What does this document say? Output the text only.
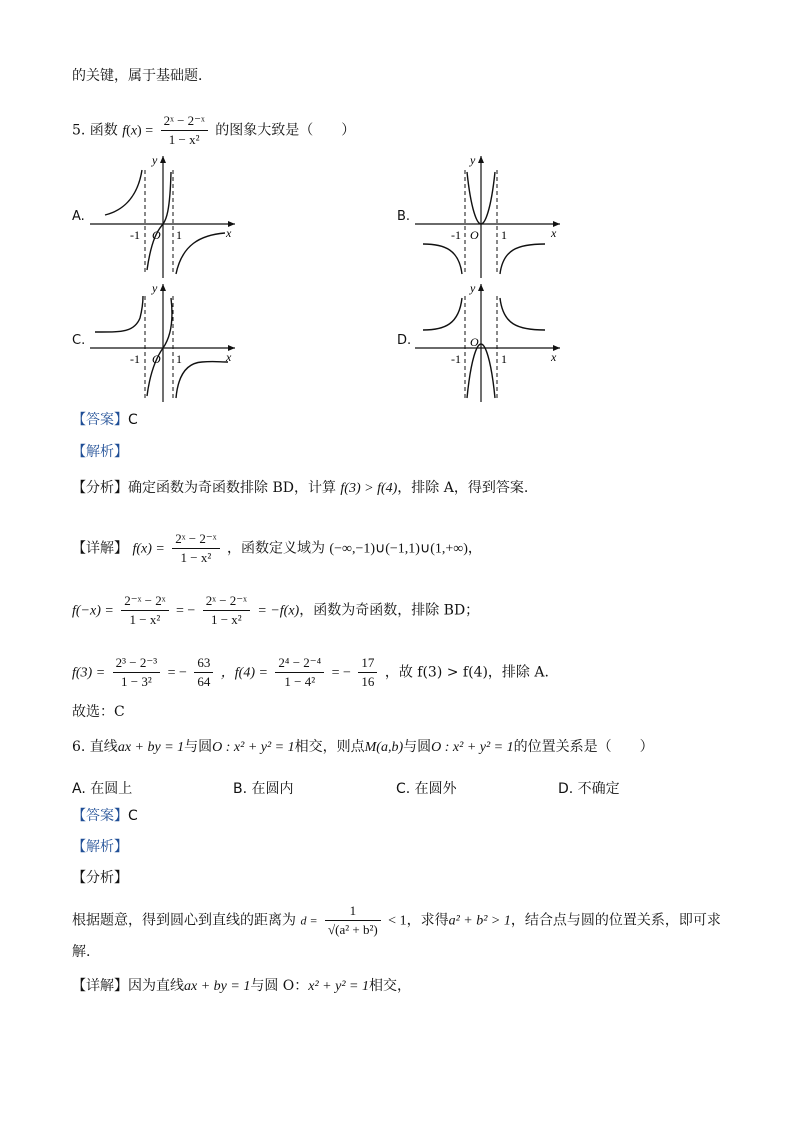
的关键，属于基础题．
5. 函数 $f(x) = \frac{\text{2ˣ − 2⁻ˣ}}{\text{1 − x²}}$ 的图象大致是（　　）
A.	B.
C.	D.
y
x
O
-1	1
y
x
O
-1	1
y
x
O
-1	1
y
x
O
-1	1
【答案】C
【解析】
【分析】确定函数为奇函数排除 BD，计算 f(3) > f(4)，排除 A，得到答案.
【详解】 $f(x) = \frac{\text{2ˣ − 2⁻ˣ}}{\text{1 − x²}}$ ，函数定义域为 (−∞,−1)∪(−1,1)∪(1,+∞)，
$f(-x) = \frac{\text{2⁻ˣ − 2ˣ}}{\text{1 − x²}}$ = − $\frac{\text{2ˣ − 2⁻ˣ}}{\text{1 − x²}} = -f(x)$，函数为奇函数，排除 BD；
$f(3) = \frac{\text{2³ − 2⁻³}}{\text{1 − 3²}}$ = − $\frac{63}{64}$ ，$f(4) = \frac{\text{2⁴ − 2⁻⁴}}{\text{1 − 4²}}$ = − $\frac{17}{16}$ ，故 f(3) > f(4)，排除 A.
故选：C
6. 直线ax + by = 1与圆O : x² + y² = 1相交，则点M(a,b)与圆O : x² + y² = 1的位置关系是（　　）
A. 在圆上	B. 在圆内	C. 在圆外	D. 不确定
【答案】C
【解析】
【分析】
根据题意，得到圆心到直线的距离为 $d = \frac{1}{\text{√(a² + b²)}} < 1$，求得a² + b² > 1，结合点与圆的位置关系，即可求
解.
【详解】因为直线ax + by = 1与圆 O：x² + y² = 1相交，
